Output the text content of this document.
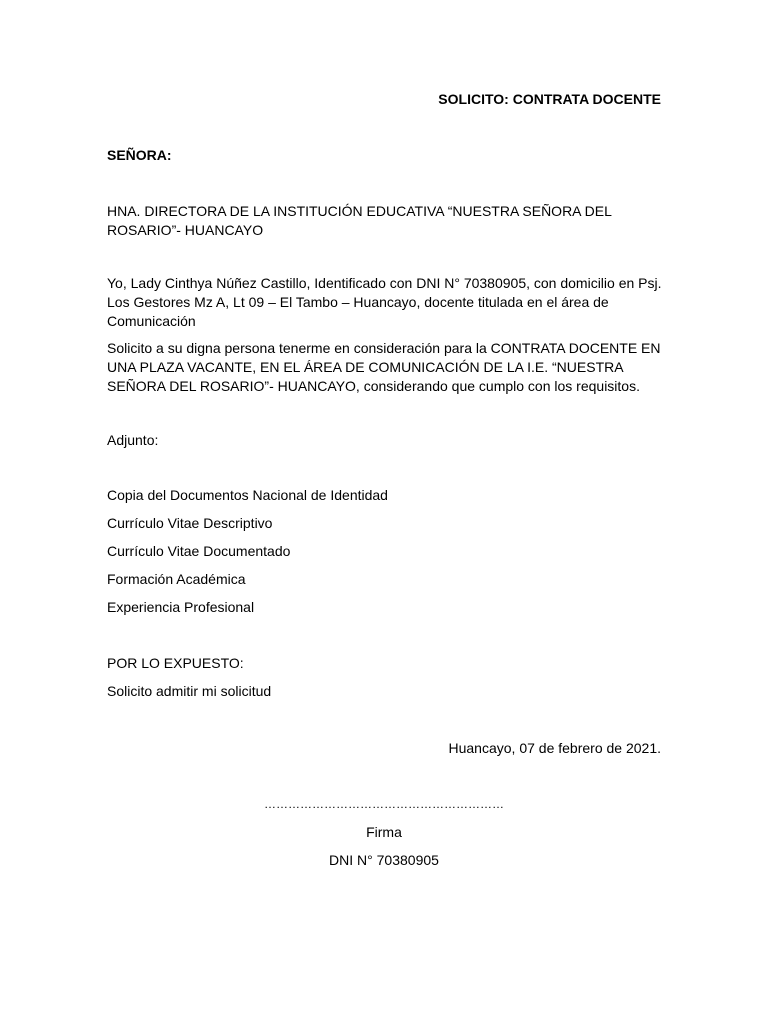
SOLICITO: CONTRATA DOCENTE

SEÑORA:

HNA. DIRECTORA DE LA INSTITUCIÓN EDUCATIVA “NUESTRA SEÑORA DEL ROSARIO”- HUANCAYO

Yo, Lady Cinthya Núñez Castillo, Identificado con DNI N° 70380905, con domicilio en Psj. Los Gestores Mz A, Lt 09 – El Tambo – Huancayo, docente titulada en el área de Comunicación

Solicito a su digna persona tenerme en consideración para la CONTRATA DOCENTE EN UNA PLAZA VACANTE, EN EL ÁREA DE COMUNICACIÓN DE LA I.E. “NUESTRA SEÑORA DEL ROSARIO”- HUANCAYO, considerando que cumplo con los requisitos.

Adjunto:

Copia del Documentos Nacional de Identidad
Currículo Vitae Descriptivo
Currículo Vitae Documentado
Formación Académica
Experiencia Profesional

POR LO EXPUESTO:

Solicito admitir mi solicitud

Huancayo, 07 de febrero de 2021.

……………………………………………………

Firma

DNI N° 70380905
